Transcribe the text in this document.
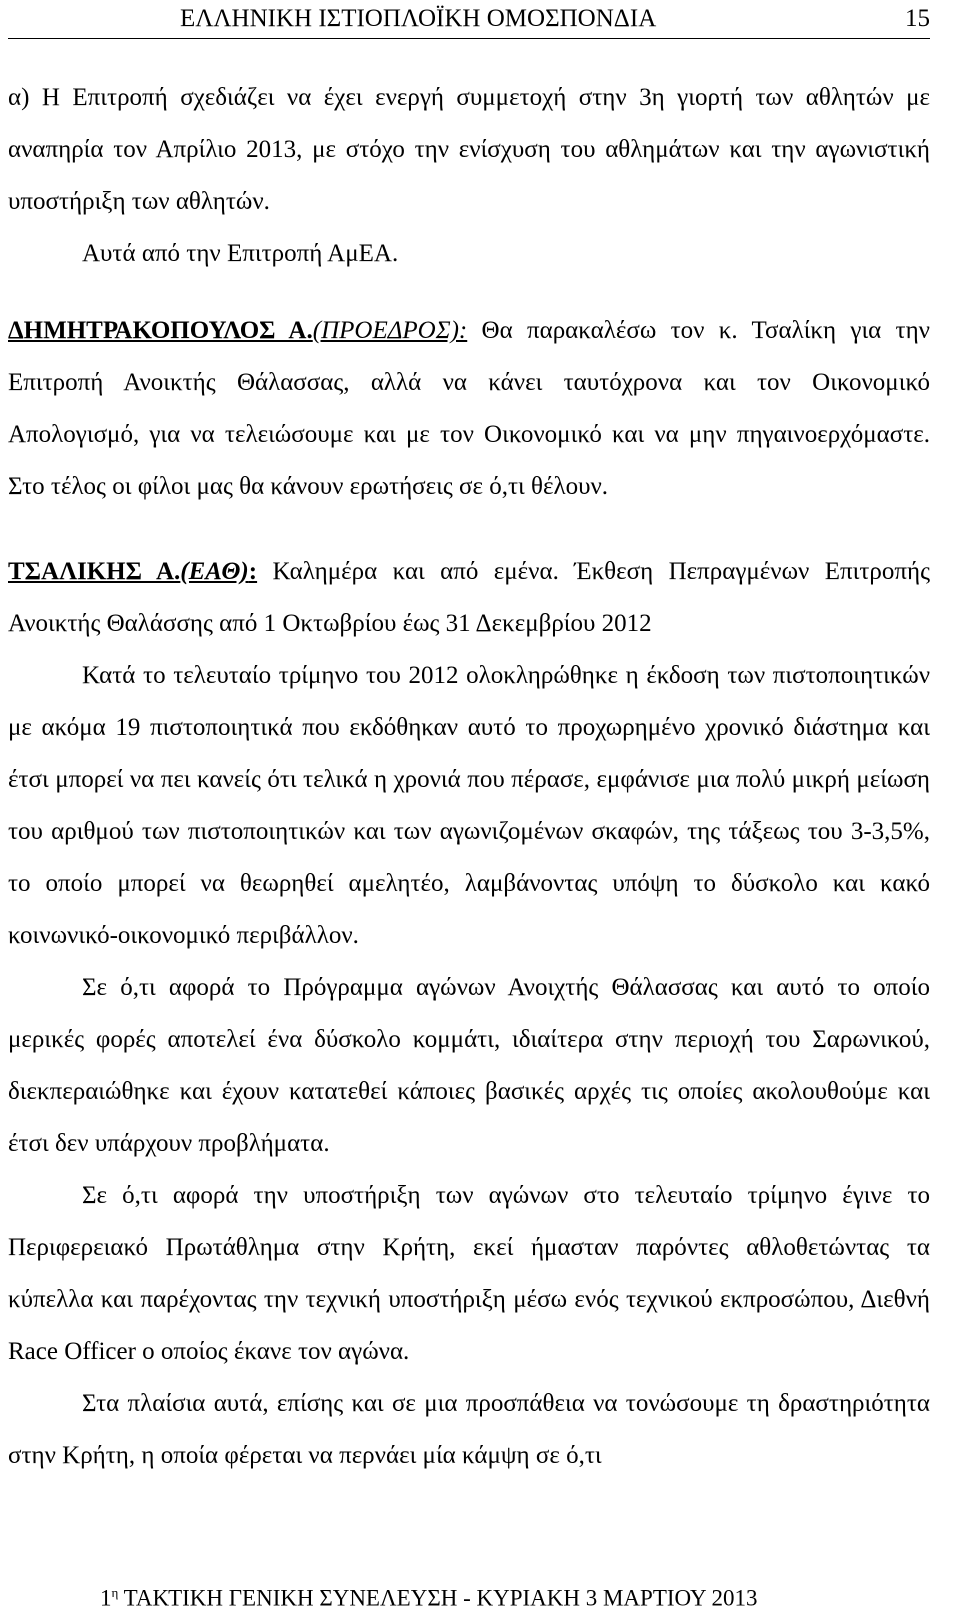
ΕΛΛΗΝΙΚΗ ΙΣΤΙΟΠΛΟΪΚΗ ΟΜΟΣΠΟΝΔΙΑ	15

α) Η Επιτροπή σχεδιάζει να έχει ενεργή συμμετοχή στην 3η γιορτή των αθλητών με αναπηρία τον Απρίλιο 2013, με στόχο την ενίσχυση του αθλημάτων και την αγωνιστική υποστήριξη των αθλητών.

Αυτά από την Επιτροπή ΑμΕΑ.

ΔΗΜΗΤΡΑΚΟΠΟΥΛΟΣ Α.(ΠΡΟΕΔΡΟΣ): Θα παρακαλέσω τον κ. Τσαλίκη για την Επιτροπή Ανοικτής Θάλασσας, αλλά να κάνει ταυτόχρονα και τον Οικονομικό Απολογισμό, για να τελειώσουμε και με τον Οικονομικό και να μην πηγαινοερχόμαστε. Στο τέλος οι φίλοι μας θα κάνουν ερωτήσεις σε ό,τι θέλουν.

ΤΣΑΛΙΚΗΣ Α.(ΕΑΘ): Καλημέρα και από εμένα. Έκθεση Πεπραγμένων Επιτροπής Ανοικτής Θαλάσσης από 1 Οκτωβρίου έως 31 Δεκεμβρίου 2012

Κατά το τελευταίο τρίμηνο του 2012 ολοκληρώθηκε η έκδοση των πιστοποιητικών με ακόμα 19 πιστοποιητικά που εκδόθηκαν αυτό το προχωρημένο χρονικό διάστημα και έτσι μπορεί να πει κανείς ότι τελικά η χρονιά που πέρασε, εμφάνισε μια πολύ μικρή μείωση του αριθμού των πιστοποιητικών και των αγωνιζομένων σκαφών, της τάξεως του 3-3,5%, το οποίο μπορεί να θεωρηθεί αμελητέο, λαμβάνοντας υπόψη το δύσκολο και κακό κοινωνικό-οικονομικό περιβάλλον.

Σε ό,τι αφορά το Πρόγραμμα αγώνων Ανοιχτής Θάλασσας και αυτό το οποίο μερικές φορές αποτελεί ένα δύσκολο κομμάτι, ιδιαίτερα στην περιοχή του Σαρωνικού, διεκπεραιώθηκε και έχουν κατατεθεί κάποιες βασικές αρχές τις οποίες ακολουθούμε και έτσι δεν υπάρχουν προβλήματα.

Σε ό,τι αφορά την υποστήριξη των αγώνων στο τελευταίο τρίμηνο έγινε το Περιφερειακό Πρωτάθλημα στην Κρήτη, εκεί ήμασταν παρόντες αθλοθετώντας τα κύπελλα και παρέχοντας την τεχνική υποστήριξη μέσω ενός τεχνικού εκπροσώπου, Διεθνή Race Officer ο οποίος έκανε τον αγώνα.

Στα πλαίσια αυτά, επίσης και σε μια προσπάθεια να τονώσουμε τη δραστηριότητα στην Κρήτη, η οποία φέρεται να περνάει μία κάμψη σε ό,τι

$1^\eta$ ΤΑΚΤΙΚΗ ΓΕΝΙΚΗ ΣΥΝΕΛΕΥΣΗ - ΚΥΡΙΑΚΗ 3 ΜΑΡΤΙΟΥ 2013
